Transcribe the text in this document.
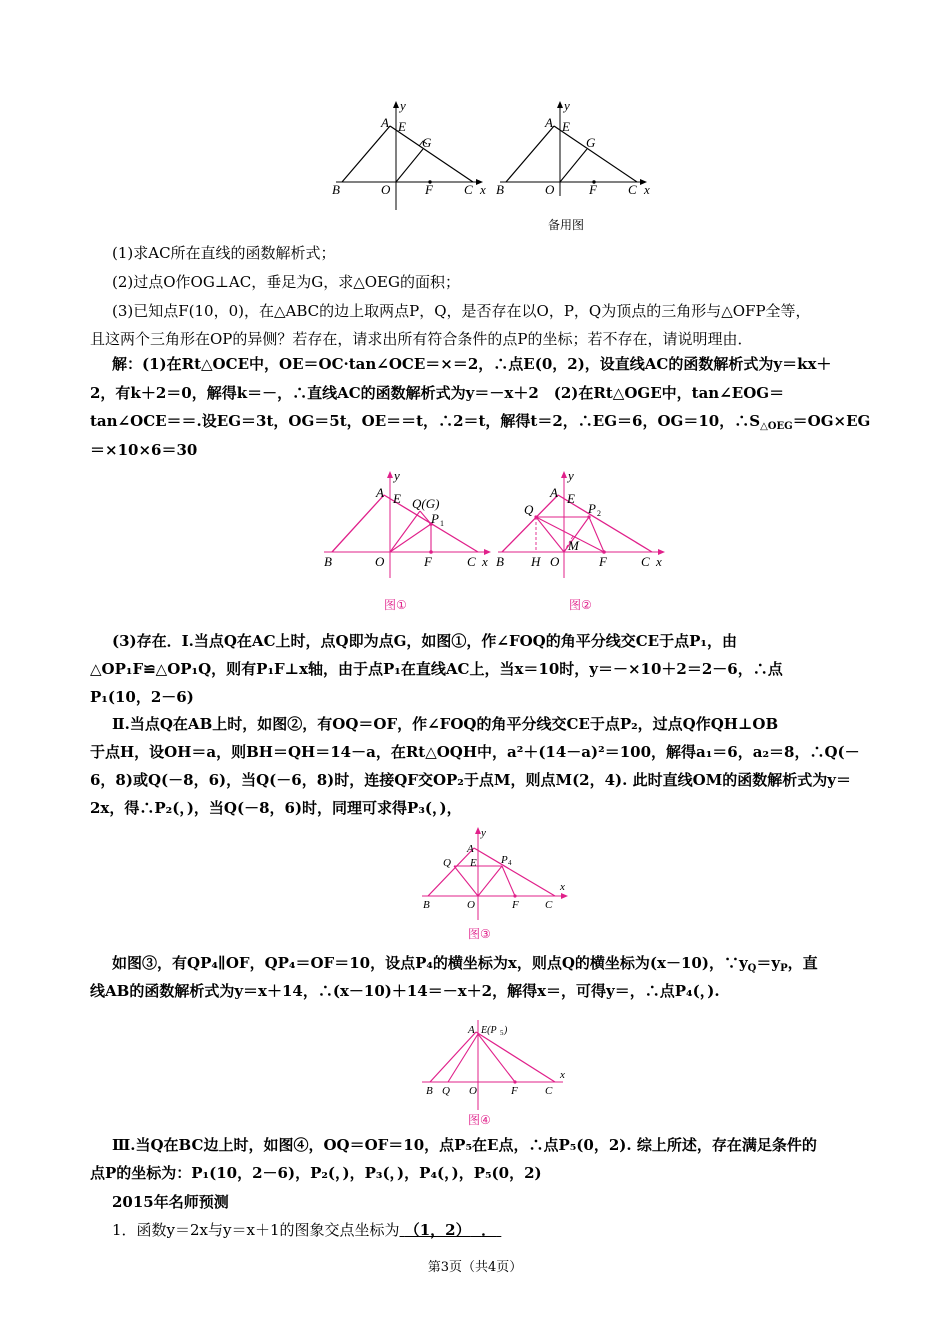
y
A E
G
B	O	F C x
y
A E
G
B	O	F C x
备用图
(1)求AC所在直线的函数解析式；
(2)过点O作OG⊥AC，垂足为G，求△OEG的面积；
(3)已知点F(10，0)，在△ABC的边上取两点P，Q，是否存在以O，P，Q为顶点的三角形与△OFP全等，
且这两个三角形在OP的异侧？若存在，请求出所有符合条件的点P的坐标；若不存在，请说明理由．
解：(1)在Rt△OCE中，OE＝OC·tan∠OCE＝×＝2，∴点E(0，2)，设直线AC的函数解析式为y＝kx＋
2，有k＋2＝0，解得k＝－，∴直线AC的函数解析式为y＝－x＋2　(2)在Rt△OGE中，tan∠EOG＝
tan∠OCE＝＝.设EG＝3t，OG＝5t，OE＝＝t，∴2＝t，解得t＝2，∴EG＝6，OG＝10，$\therefore S_{\triangle OEG}=OG\times EG$
＝×10×6＝30
y
A E Q(G)
P 1
B	O	F	C x
图①
y
Q
A E
P 2
M
B H O	F	C x
图②
(3)存在．Ⅰ.当点Q在AC上时，点Q即为点G，如图①，作∠FOQ的角平分线交CE于点P₁，由
△OP₁F≌△OP₁Q，则有P₁F⊥x轴，由于点P₁在直线AC上，当x＝10时，y＝－×10＋2＝2－6，∴点
P₁(10，2－6)
Ⅱ.当点Q在AB上时，如图②，有OQ＝OF，作∠FOQ的角平分线交CE于点P₂，过点Q作QH⊥OB
于点H，设OH＝a，则BH＝QH＝14－a，在Rt△OQH中，a²＋(14－a)²＝100，解得a₁＝6，a₂＝8，∴Q(－
6，8)或Q(－8，6)，当Q(－6，8)时，连接QF交OP₂于点M，则点M(2，4). 此时直线OM的函数解析式为y＝
2x，得∴P₂(，)，当Q(－8，6)时，同理可求得P₃(，)，
y
A
Q E P 4
B	O	F C
x
图③
如图③，有QP₄∥OF，QP₄＝OF＝10，设点P₄的横坐标为x，则点Q的横坐标为(x－10)，$\because y_Q=y_P$，直
线AB的函数解析式为y＝x＋14，∴(x－10)＋14＝－x＋2，解得x＝，可得y＝，∴点P₄(，).
A E(P 5 )
B Q O	F C
x
图④
Ⅲ.当Q在BC边上时，如图④，OQ＝OF＝10，点P₅在E点，∴点P₅(0，2). 综上所述，存在满足条件的
点P的坐标为：P₁(10，2－6)，P₂(，)，P₃(，)，P₄(，)，P₅(0，2)
2015年名师预测
1．函数y＝2x与y＝x＋1的图象交点坐标为 （1，2） ．
第3页（共4页）
